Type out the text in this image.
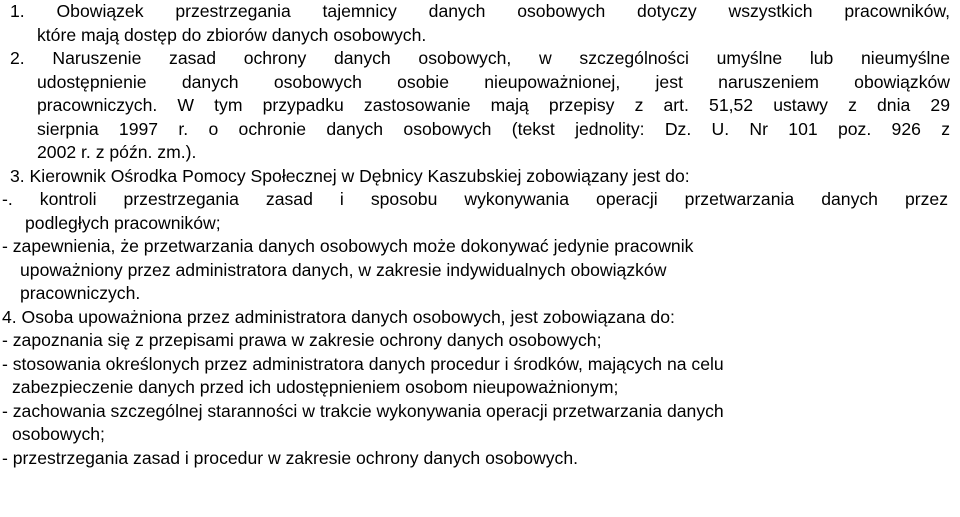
1. Obowiązek przestrzegania tajemnicy danych osobowych dotyczy wszystkich pracowników,
które mają dostęp do zbiorów danych osobowych.
2. Naruszenie zasad ochrony danych osobowych, w szczególności umyślne lub nieumyślne
udostępnienie danych osobowych osobie nieupoważnionej, jest naruszeniem obowiązków
pracowniczych. W tym przypadku zastosowanie mają przepisy z art. 51,52 ustawy z dnia 29
sierpnia 1997 r. o ochronie danych osobowych (tekst jednolity: Dz. U. Nr 101 poz. 926 z
2002 r. z późn. zm.).
3. Kierownik Ośrodka Pomocy Społecznej w Dębnicy Kaszubskiej zobowiązany jest do:
-. kontroli przestrzegania zasad i sposobu wykonywania operacji przetwarzania danych przez
podległych pracowników;
- zapewnienia, że przetwarzania danych osobowych może dokonywać jedynie pracownik
upoważniony przez administratora danych, w zakresie indywidualnych obowiązków
pracowniczych.
4. Osoba upoważniona przez administratora danych osobowych, jest zobowiązana do:
- zapoznania się z przepisami prawa w zakresie ochrony danych osobowych;
- stosowania określonych przez administratora danych procedur i środków, mających na celu
zabezpieczenie danych przed ich udostępnieniem osobom nieupoważnionym;
- zachowania szczególnej staranności w trakcie wykonywania operacji przetwarzania danych
osobowych;
- przestrzegania zasad i procedur w zakresie ochrony danych osobowych.
